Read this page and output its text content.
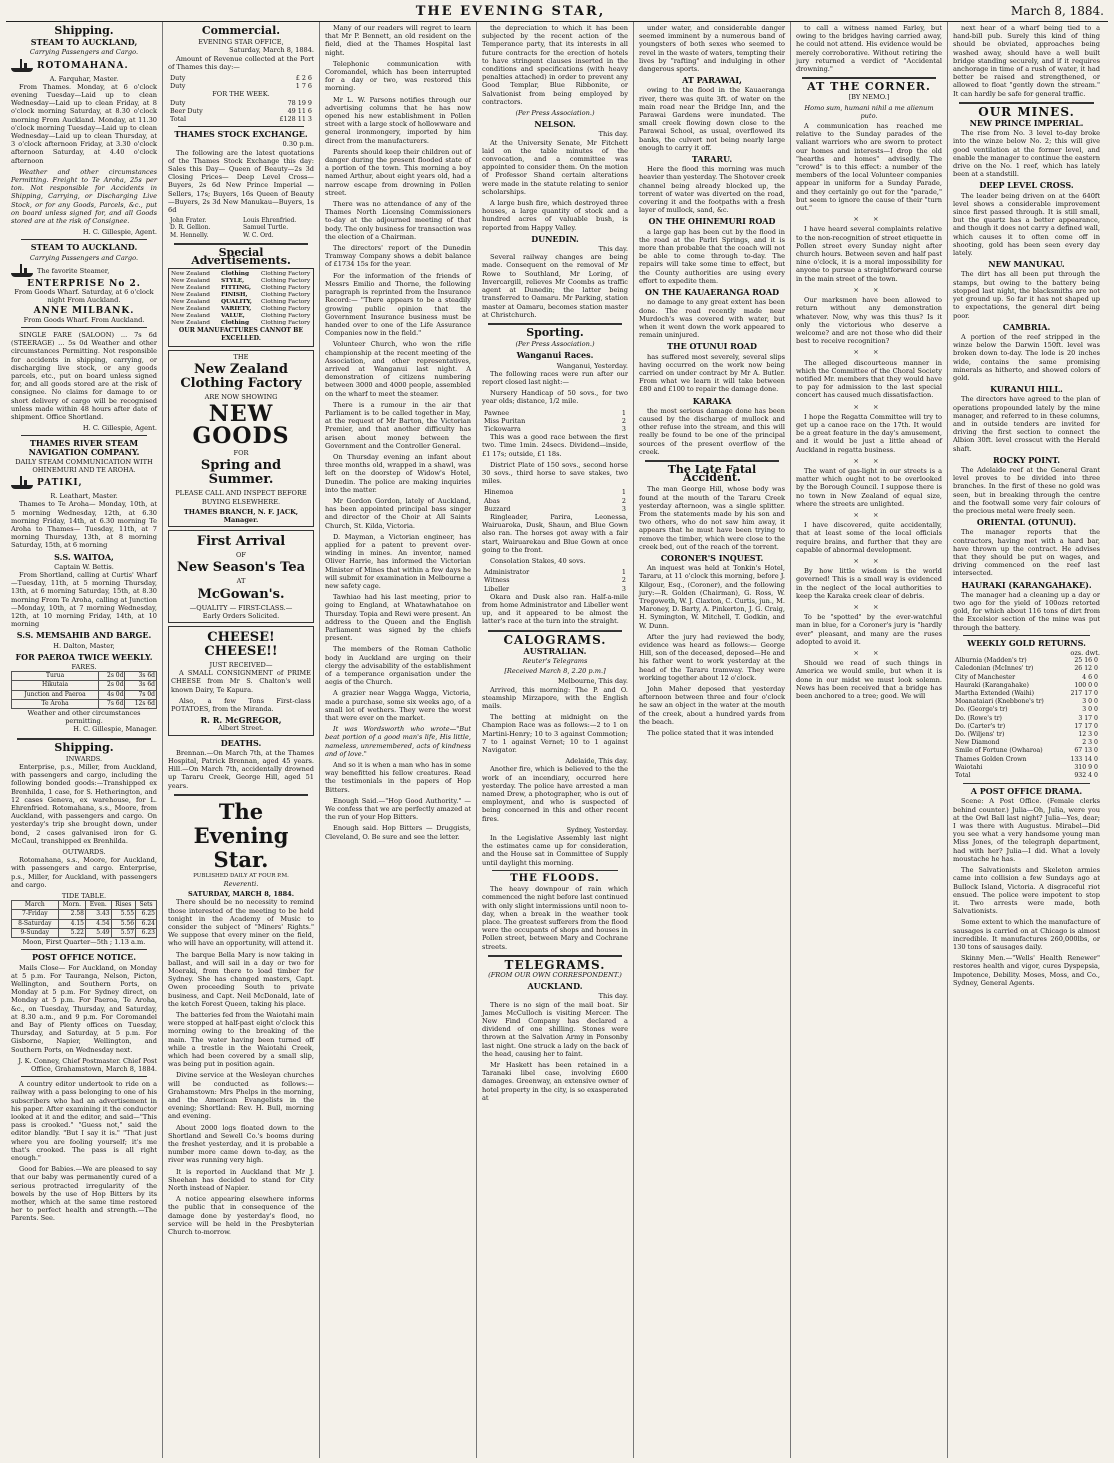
THE EVENING STAR,	March 8, 1884.
Shipping.
STEAM TO AUCKLAND,
Carrying Passengers and Cargo.
ROTOMAHANA.
A. Farquhar, Master.

From Thames. Monday, at 6 o'clock evening Tuesday—Laid up to clean Wednesday—Laid up to clean Friday, at 8 o'clock morning Saturday, at 8.30 o'clock morning From Auckland. Monday, at 11.30 o'clock morning Tuesday—Laid up to clean Wednesday—Laid up to clean Thursday, at 3 o'clock afternoon Friday, at 3.30 o'clock afternoon Saturday, at 4.40 o'clock afternoon

Weather and other circumstances Permitting. Freight to Te Aroha, 25s per ton. Not responsible for Accidents in Shipping, Carrying, or Discharging Live Stock, or for any Goods, Parcels, &c., put on board unless signed for, and all Goods stored are at the risk of Consignee.

H. C. Gillespie, Agent.
STEAM TO AUCKLAND.
Carrying Passengers and Cargo.
The favorite Steamer,
ENTERPRISE No 2.
From Goods Wharf. Saturday, at 6 o'clock night From Auckland.
ANNE MILBANK.
From Goods Wharf. From Auckland.

SINGLE FARE (SALOON) ... 7s 6d (STEERAGE) ... 5s 0d Weather and other circumstances Permitting. Not responsible for accidents in shipping, carrying, or discharging live stock, or any goods parcels, etc., put on board unless signed for, and all goods stored are at the risk of consignee. No claims for damage to or short delivery of cargo will be recognised unless made within 48 hours after date of shipment. Office Shortland.

H. C. Gillespie, Agent.
THAMES RIVER STEAM NAVIGATION COMPANY.
DAILY STEAM COMMUNICATION WITH OHINEMURI AND TE AROHA.
PATIKI,
R. Leathart, Master.

Thames to Te Aroha— Monday, 10th, at 5 morning Wednesday, 12th, at 6.30 morning Friday, 14th, at 6.30 morning Te Aroha to Thames— Tuesday, 11th, at 7 morning Thursday, 13th, at 8 morning Saturday, 15th, at 6 morning

S.S. WAITOA,
Captain W. Bettis.

From Shortland, calling at Curtis' Wharf—Tuesday, 11th, at 5 morning Thursday, 13th, at 6 morning Saturday, 15th, at 8.30 morning From Te Aroha, calling at Junction—Monday, 10th, at 7 morning Wednesday, 12th, at 10 morning Friday, 14th, at 10 morning

S.S. MEMSAHIB AND BARGE.
H. Dalton, Master,
FOR PAEROA TWICE WEEKLY.
FARES.
Turua	2s 0d	3s 6d
Hikutaia	2s 0d	3s 6d
Junction and Paeroa	4s 0d	7s 0d
Te Aroha	7s 6d	12s 6d
Weather and other circumstances permitting.
H. C. Gillespie, Manager.
Shipping.
INWARDS.

Enterprise, p.s., Miller, from Auckland, with passengers and cargo, including the following bonded goods:—Transhipped ex Brenhilda, 1 case, for S. Hetherington, and 12 cases Geneva, ex warehouse, for L. Ehrenfried. Rotomahana, s.s., Moore, from Auckland, with passengers and cargo. On yesterday's trip she brought down, under bond, 2 cases galvanised iron for G. McCaul, transhipped ex Brenhilda.

OUTWARDS.

Rotomahana, s.s., Moore, for Auckland, with passengers and cargo. Enterprise, p.s., Miller, for Auckland, with passengers and cargo.

TIDE TABLE.
March	Morn.	Even.	Rises	Sets
7-Friday	2.58	3.43	5.55	6.25
8-Saturday	4.15	4.54	5.56	6.24
9-Sunday	5.22	5.49	5.57	6.23
Moon, First Quarter—5th ; 1.13 a.m.
POST OFFICE NOTICE.

Mails Close— For Auckland, on Monday at 5 p.m. For Tauranga, Nelson, Picton, Wellington, and Southern Ports, on Monday at 5 p.m. For Sydney direct, on Monday at 5 p.m. For Paeroa, Te Aroha, &c., on Tuesday, Thursday, and Saturday, at 8.30 a.m., and 9 p.m. For Coromandel and Bay of Plenty offices on Tuesday, Thursday, and Saturday, at 5 p.m. For Gisborne, Napier, Wellington, and Southern Ports, on Wednesday next.

J. K. Conney, Chief Postmaster. Chief Post Office, Grahamstown, March 8, 1884.

A country editor undertook to ride on a railway with a pass belonging to one of his subscribers who had an advertisement in his paper. After examining it the conductor looked at it and the editor, and said—"This pass is crooked." "Guess not," said the editor blandly. "But I say it is." "That just where you are fooling yourself; it's me that's crooked. The pass is all right enough."

Good for Babies.—We are pleased to say that our baby was permanently cured of a serious protracted irregularity of the bowels by the use of Hop Bitters by its mother, which at the same time restored her to perfect health and strength.—The Parents. See.

Commercial.
EVENING STAR OFFICE,
Saturday, March 8, 1884.

Amount of Revenue collected at the Port of Thames this day:—

Duty	£ 2 6
Duty	1 7 6
FOR THE WEEK.
Duty	78 19 9
Beer Duty	49 11 6
Total	£128 11 3
THAMES STOCK EXCHANGE.
0.30 p.m.

The following are the latest quotations of the Thames Stock Exchange this day: Sales this Day— Queen of Beauty—2s 3d Closing Prices— Deep Level Cross—Buyers, 2s 6d New Prince Imperial — Sellers, 17s; Buyers, 16s Queen of Beauty—Buyers, 2s 3d New Manukau—Buyers, 1s 6d

John Frater.	Louis Ehrenfried.
D. R. Gellion.	Samuel Turtle.
M. Hennelly.	W. C. Ord.
Special Advertisements.
New Zealand	Clothing	Clothing Factory
New Zealand	STYLE,	Clothing Factory
New Zealand	FITTING,	Clothing Factory
New Zealand	FINISH,	Clothing Factory
New Zealand	QUALITY,	Clothing Factory
New Zealand	VARIETY,	Clothing Factory
New Zealand	VALUE,	Clothing Factory
New Zealand	Clothing	Clothing Factory
OUR MANUFACTURES CANNOT BE EXCELLED.
THE
New Zealand Clothing Factory
ARE NOW SHOWING
NEW GOODS
FOR
Spring and Summer.
PLEASE CALL AND INSPECT BEFORE BUYING ELSEWHERE.
THAMES BRANCH, N. F. JACK, Manager.
First Arrival
OF
New Season's Tea
AT
McGowan's.
—QUALITY — FIRST-CLASS.—
Early Orders Solicited.
CHEESE! CHEESE!!
JUST RECEIVED—

A SMALL CONSIGNMENT of PRIME CHEESE from Mr S. Chalton's well known Dairy, Te Kapura.

Also, a few Tons First-class POTATOES, from the Miranda.

R. R. McGREGOR,
Albert Street.
DEATHS.

Brennan.—On March 7th, at the Thames Hospital, Patrick Brennan, aged 45 years. Hill.—On March 7th, accidentally drowned up Tararu Creek, George Hill, aged 51 years.

The Evening Star.
PUBLISHED DAILY AT FOUR P.M.
Reverenti.
SATURDAY, MARCH 8, 1884.

There should be no necessity to remind those interested of the meeting to be held tonight in the Academy of Music to consider the subject of "Miners' Rights." We suppose that every miner on the field, who will have an opportunity, will attend it.

The barque Bella Mary is now taking in ballast, and will sail in a day or two for Moeraki, from there to load timber for Sydney. She has changed masters, Capt. Owen proceeding South to private business, and Capt. Neil McDonald, late of the ketch Forest Queen, taking his place.

The batteries fed from the Waiotahi main were stopped at half-past eight o'clock this morning owing to the breaking of the main. The water having been turned off while a trestle in the Waiotahi Creek, which had been covered by a small slip, was being put in position again.

Divine service at the Wesleyan churches will be conducted as follows:—Grahamstown: Mrs Phelps in the morning, and the American Evangelists in the evening; Shortland: Rev. H. Bull, morning and evening.

About 2000 logs floated down to the Shortland and Sewell Co.'s booms during the freshet yesterday, and it is probable a number more came down to-day, as the river was running very high.

It is reported in Auckland that Mr J. Sheehan has decided to stand for City North instead of Napier.

A notice appearing elsewhere informs the public that in consequence of the damage done by yesterday's flood, no service will be held in the Presbyterian Church to-morrow.

Many of our readers will regret to learn that Mr P. Bennett, an old resident on the field, died at the Thames Hospital last night.

Telephonic communication with Coromandel, which has been interrupted for a day or two, was restored this morning.

Mr L. W. Parsons notifies through our advertising columns that he has now opened his new establishment in Pollen street with a large stock of hollowware and general ironmongery, imported by him direct from the manufacturers.

Parents should keep their children out of danger during the present flooded state of a portion of the town. This morning a boy named Arthur, about eight years old, had a narrow escape from drowning in Pollen street.

There was no attendance of any of the Thames North Licensing Commissioners to-day at the adjourned meeting of that body. The only business for transaction was the election of a Chairman.

The directors' report of the Dunedin Tramway Company shows a debit balance of £1734 15s for the year.

For the information of the friends of Messrs Emilio and Thorne, the following paragraph is reprinted from the Insurance Record:— "There appears to be a steadily growing public opinion that the Government Insurance business must be handed over to one of the Life Assurance Companies now in the field."

Volunteer Church, who won the rifle championship at the recent meeting of the Association, and other representatives, arrived at Wanganui last night. A demonstration of citizens numbering between 3000 and 4000 people, assembled on the wharf to meet the steamer.

There is a rumour in the air that Parliament is to be called together in May, at the request of Mr Barton, the Victorian Premier, and that another difficulty has arisen about money between the Government and the Controller General.

On Thursday evening an infant about three months old, wrapped in a shawl, was left on the doorstep of Widow's Hotel, Dunedin. The police are making inquiries into the matter.

Mr Gordon Gordon, lately of Auckland, has been appointed principal bass singer and director of the Choir at All Saints Church, St. Kilda, Victoria.

D. Mayman, a Victorian engineer, has applied for a patent to prevent over-winding in mines. An inventor, named Oliver Harrie, has informed the Victorian Minister of Mines that within a few days he will submit for examination in Melbourne a new safety cage.

Tawhiao had his last meeting, prior to going to England, at Whatawhatahoe on Thursday. Topia and Rewi were present. An address to the Queen and the English Parliament was signed by the chiefs present.

The members of the Roman Catholic body in Auckland are urging on their clergy the advisability of the establishment of a temperance organisation under the aegis of the Church.

A grazier near Wagga Wagga, Victoria, made a purchase, some six weeks ago, of a small lot of wethers. They were the worst that were ever on the market.

It was Wordsworth who wrote—"But beat portion of a good man's life, His little, nameless, unremembered, acts of kindness and of love."

And so it is when a man who has in some way benefitted his fellow creatures. Read the testimonials in the papers of Hop Bitters.

Enough Said.—"Hop Good Authority." — We confess that we are perfectly amazed at the run of your Hop Bitters.

Enough said. Hop Bitters — Druggists, Cleveland, O. Be sure and see the letter.

the depreciation to which it has been subjected by the recent action of the Temperance party, that its interests in all future contracts for the erection of hotels to have stringent clauses inserted in the conditions and specifications (with heavy penalties attached) in order to prevent any Good Templar, Blue Ribbonite, or Salvationist from being employed by contractors.

(Per Press Association.)
NELSON.
This day.

At the University Senate, Mr Fitchett laid on the table minutes of the convocation, and a committee was appointed to consider them. On the motion of Professor Shand certain alterations were made in the statute relating to senior scholarships.

A large bush fire, which destroyed three houses, a large quantity of stock and a hundred acres of valuable bush, is reported from Happy Valley.

DUNEDIN.
This day.

Several railway changes are being made. Consequent on the removal of Mr Rowe to Southland, Mr Loring, of Invercargill, relieves Mr Coombs as traffic agent at Dunedin; the latter being transferred to Oamaru. Mr Parking, station master at Oamaru, becomes station master at Christchurch.

Sporting.
(Per Press Association.)
Wanganui Races.
Wanganui, Yesterday.

The following races were run after our report closed last night:—

Nursery Handicap of 50 sovs., for two year olds; distance, 1/2 mile.

Pawnee	1
Miss Puritan	2
Tickowarra	3

This was a good race between the first two. Time 1min. 24secs. Dividend—inside, £1 17s; outside, £1 18s.

District Plate of 150 sovs., second horse 30 sovs., third horse to save stakes, two miles.

Hinemoa	1
Abas	2
Buzzard	3

Ringleader, Parira, Leonessa, Wairuaroka, Dusk, Shaun, and Blue Gown also ran. The horses got away with a fair start, Wairuarekau and Blue Gown at once going to the front.

Consolation Stakes, 40 sovs.

Administrator	1
Witness	2
Libeller	3

Okara and Dusk also ran. Half-a-mile from home Administrator and Libeller went up, and it appeared to be almost the latter's race at the turn into the straight.

CALOGRAMS.
AUSTRALIAN.
Reuter's Telegrams
[Received March 8, 2.20 p.m.]
Melbourne, This day.

Arrived, this morning: The P. and O. steamship Mirzapore, with the English mails.

The betting at midnight on the Champion Race was as follows:—2 to 1 on Martini-Henry; 10 to 3 against Commotion; 7 to 1 against Vernet; 10 to 1 against Navigator.

Adelaide, This day.

Another fire, which is believed to the the work of an incendiary, occurred here yesterday. The police have arrested a man named Drew, a photographer, who is out of employment, and who is suspected of being concerned in this and other recent fires.

Sydney, Yesterday.

In the Legislative Assembly last night the estimates came up for consideration, and the House sat in Committee of Supply until daylight this morning.

THE FLOODS.

The heavy downpour of rain which commenced the night before last continued with only slight intermissions until noon to-day, when a break in the weather took place. The greatest sufferers from the flood were the occupants of shops and houses in Pollen street, between Mary and Cochrane streets.

TELEGRAMS.
(FROM OUR OWN CORRESPONDENT.)
AUCKLAND.
This day.

There is no sign of the mail boat. Sir James McCulloch is visiting Mercer. The New Find Company has declared a dividend of one shilling. Stones were thrown at the Salvation Army in Ponsonby last night. One struck a lady on the back of the head, causing her to faint.

Mr Haskett has been retained in a Taranaki libel case, involving £600 damages. Greenway, an extensive owner of hotel property in the city, is so exasperated at

under water, and considerable danger seemed imminent by a numerous band of youngsters of both sexes who seemed to revel in the waste of waters, tempting their lives by "rafting" and indulging in other dangerous sports.

AT PARAWAI,

owing to the flood in the Kauaeranga river, there was quite 3ft. of water on the main road near the Bridge Inn, and the Parawai Gardens were inundated. The small creek flowing down close to the Parawai School, as usual, overflowed its banks, the culvert not being nearly large enough to carry it off.

TARARU.

Here the flood this morning was much heavier than yesterday. The Shotover creek channel being already blocked up, the torrent of water was diverted on the road, covering it and the footpaths with a fresh layer of mullock, sand, &c.

ON THE OHINEMURI ROAD

a large gap has been cut by the flood in the road at the Parlri Springs, and it is more than probable that the coach will not be able to come through to-day. The repairs will take some time to effect, but the County authorities are using every effort to expedite them.

ON THE KAUAERANGA ROAD

no damage to any great extent has been done. The road recently made near Murdoch's was covered with water, but when it went down the work appeared to remain uninjured.

THE OTUNUI ROAD

has suffered most severely, several slips having occurred on the work now being carried on under contract by Mr A. Butler. From what we learn it will take between £80 and £100 to repair the damage done.

KARAKA

the most serious damage done has been caused by the discharge of mullock and other refuse into the stream, and this will really be found to be one of the principal sources of the present overflow of the creek.

The Late Fatal Accident.

The man George Hill, whose body was found at the mouth of the Tararu Creek yesterday afternoon, was a single splitter. From the statements made by his son and two others, who do not saw him away, it appears that he must have been trying to remove the timber, which were close to the creek bed, out of the reach of the torrent.

CORONER'S INQUEST.

An inquest was held at Tonkin's Hotel, Tararu, at 11 o'clock this morning, before J. Kilgour, Esq., (Coroner), and the following jury:—R. Golden (Chairman), G. Ross, W. Tregoweth, W. J. Claxton, C. Curtis, jun., M. Maroney, D. Barty, A. Pinkerton, J. G. Craig, H. Symington, W. Mitchell, T. Godkin, and W. Dunn.

After the jury had reviewed the body, evidence was heard as follows:— George Hill, son of the deceased, deposed—He and his father went to work yesterday at the head of the Tararu tramway. They were working together about 12 o'clock.

John Maher deposed that yesterday afternoon between three and four o'clock he saw an object in the water at the mouth of the creek, about a hundred yards from the beach.

The police stated that it was intended

to call a witness named Farley, but owing to the bridges having carried away, he could not attend. His evidence would be merely corroborative. Without retiring the jury returned a verdict of "Accidental drowning."

AT THE CORNER.
[BY NEMO.]
Homo sum, humani nihil a me alienum puto.

A communication has reached me relative to the Sunday parades of the valiant warriors who are sworn to protect our homes and interests—I drop the old "hearths and homes" advisedly. The "crowd" is to this effect: a number of the members of the local Volunteer companies appear in uniform for a Sunday Parade, and they certainly go out for the "parade," but seem to ignore the cause of their "turn out."

× ×

I have heard several complaints relative to the non-recognition of street etiquette in Pollen street every Sunday night after church hours. Between seven and half past nine o'clock, it is a moral impossibility for anyone to pursue a straightforward course in the main street of the town.

× ×

Our marksmen have been allowed to return without any demonstration whatever. Now, why was this thus? Is it only the victorious who deserve a welcome? and are not those who did their best to receive recognition?

× ×

The alleged discourteous manner in which the Committee of the Choral Society notified Mr. members that they would have to pay for admission to the last special concert has caused much dissatisfaction.

× ×

I hope the Regatta Committee will try to get up a canoe race on the 17th. It would be a great feature in the day's amusement, and it would be just a little ahead of Auckland in regatta business.

× ×

The want of gas-light in our streets is a matter which ought not to be overlooked by the Borough Council. I suppose there is no town in New Zealand of equal size, where the streets are unlighted.

× ×

I have discovered, quite accidentally, that at least some of the local officials require brains, and further that they are capable of abnormal development.

× ×

By how little wisdom is the world governed! This is a small way is evidenced in the neglect of the local authorities to keep the Karaka creek clear of debris.

× ×

To be "spotted" by the ever-watchful man in blue, for a Coroner's jury is "hardly ever" pleasant, and many are the ruses adopted to avoid it.

× ×

Should we read of such things in America we would smile, but when it is done in our midst we must look solemn. News has been received that a bridge has been anchored to a tree; good. We will

next hear of a wharf being tied to a hand-bill pub. Surely this kind of thing should be obviated, approaches being washed away, should have a well built bridge standing securely, and if it requires anchorage in time of a rush of water, it had better be raised and strengthened, or allowed to float "gently down the stream." It can hardly be safe for general traffic.

OUR MINES.
NEW PRINCE IMPERIAL.

The rise from No. 3 level to-day broke into the winze below No. 2; this will give good ventilation at the former level, and enable the manager to continue the eastern drive on the No. 1 reef, which has lately been at a standstill.

DEEP LEVEL CROSS.

The leader being driven on at the 640ft level shows a considerable improvement since first passed through. It is still small, but the quartz has a better appearance, and though it does not carry a defined wall, which causes it to often come off in shooting, gold has been seen every day lately.

NEW MANUKAU.

The dirt has all been put through the stamps, but owing to the battery being stopped last night, the blacksmiths are not yet ground up. So far it has not shaped up to expectations, the general dirt being poor.

CAMBRIA.

A portion of the reef stripped in the winze below the Darwin 150ft. level was broken down to-day. The lode is 20 inches wide, contains the same promising minerals as hitherto, and showed colors of gold.

KURANUI HILL.

The directors have agreed to the plan of operations propounded lately by the mine manager, and referred to in these columns, and in outside tenders are invited for driving the first section to connect the Albion 30ft. level crosscut with the Herald shaft.

ROCKY POINT.

The Adelaide reef at the General Grant level proves to be divided into three branches. In the first of these no gold was seen, but in breaking through the centre and the footwall some very fair colours of the precious metal were freely seen.

ORIENTAL (OTUNUI).

The manager reports that the contractors, having met with a hard bar, have thrown up the contract. He advises that they should be put on wages, and driving commenced on the reef last intersected.

HAURAKI (KARANGAHAKE).

The manager had a cleaning up a day or two ago for the yield of 100ozs retorted gold, for which about 116 tons of dirt from the Excelsior section of the mine was put through the battery.

WEEKLY GOLD RETURNS.
ozs. dwt.
Alburnia (Madden's tr)	25 16 0
Caledonian (McInnes' tr)	26 12 0
City of Manchester	4 6 0
Hauraki (Karangahake)	100 0 0
Martha Extended (Waihi)	217 17 0
Moanataiari (Knebbone's tr)	3 0 0
Do. (George's tr)	3 0 0
Do. (Rowe's tr)	3 17 0
Do. (Carter's tr)	17 17 0
Do. (Wiljens' tr)	12 3 0
New Diamond	2 3 0
Smile of Fortune (Owharoa)	67 13 0
Thames Golden Crown	133 14 0
Waiotahi	310 9 0
Total	932 4 0
A POST OFFICE DRAMA.

Scene: A Post Office. (Female clerks behind counter.) Julia—Oh, Julia, were you at the Owl Ball last night? Julia—Yes, dear; I was there with Augustus. Mirabel—Did you see what a very handsome young man Miss Jones, of the telegraph department, had with her? Julia—I did. What a lovely moustache he has.

The Salvationists and Skeleton armies came into collision a few Sundays ago at Bullock Island, Victoria. A disgraceful riot ensued. The police were impotent to stop it. Two arrests were made, both Salvationists.

Some extent to which the manufacture of sausages is carried on at Chicago is almost incredible. It manufactures 260,000lbs, or 130 tons of sausages daily.

Skinny Men.—"Wells' Health Renewer" restores health and vigor, cures Dyspepsia, Impotence, Debility. Moses, Moss, and Co., Sydney, General Agents.
